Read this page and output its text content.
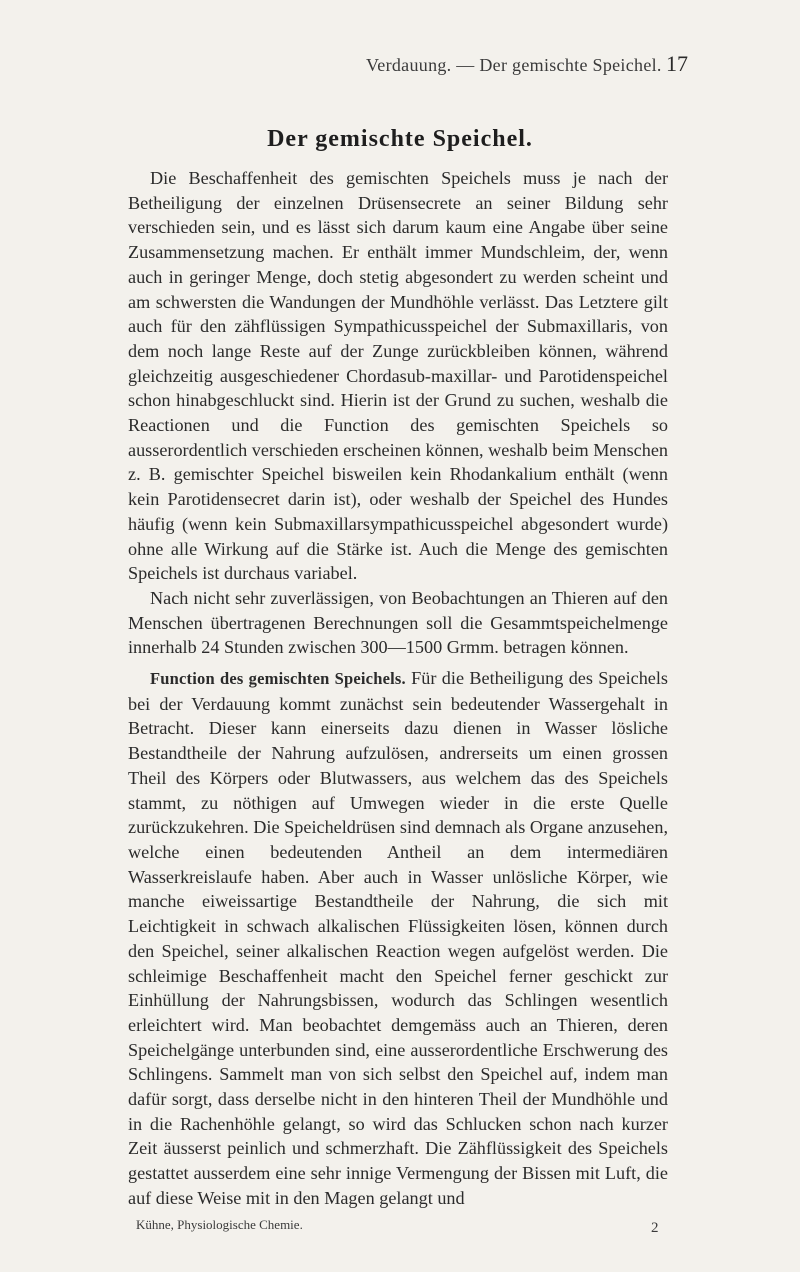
Verdauung. — Der gemischte Speichel. 17
Der gemischte Speichel.

Die Beschaffenheit des gemischten Speichels muss je nach der Betheiligung der einzelnen Drüsensecrete an seiner Bildung sehr verschieden sein, und es lässt sich darum kaum eine Angabe über seine Zusammensetzung machen. Er enthält immer Mundschleim, der, wenn auch in geringer Menge, doch stetig abgesondert zu werden scheint und am schwersten die Wandungen der Mundhöhle verlässt. Das Letztere gilt auch für den zähflüssigen Sympathicusspeichel der Submaxillaris, von dem noch lange Reste auf der Zunge zurückbleiben können, während gleichzeitig ausgeschiedener Chordasub-maxillar- und Parotidenspeichel schon hinabgeschluckt sind. Hierin ist der Grund zu suchen, weshalb die Reactionen und die Function des gemischten Speichels so ausserordentlich verschieden erscheinen können, weshalb beim Menschen z. B. gemischter Speichel bisweilen kein Rhodankalium enthält (wenn kein Parotidensecret darin ist), oder weshalb der Speichel des Hundes häufig (wenn kein Submaxillarsympathicusspeichel abgesondert wurde) ohne alle Wirkung auf die Stärke ist. Auch die Menge des gemischten Speichels ist durchaus variabel.

Nach nicht sehr zuverlässigen, von Beobachtungen an Thieren auf den Menschen übertragenen Berechnungen soll die Gesammtspeichelmenge innerhalb 24 Stunden zwischen 300—1500 Grmm. betragen können.

Function des gemischten Speichels. Für die Betheiligung des Speichels bei der Verdauung kommt zunächst sein bedeutender Wassergehalt in Betracht. Dieser kann einerseits dazu dienen in Wasser lösliche Bestandtheile der Nahrung aufzulösen, andrerseits um einen grossen Theil des Körpers oder Blutwassers, aus welchem das des Speichels stammt, zu nöthigen auf Umwegen wieder in die erste Quelle zurückzukehren. Die Speicheldrüsen sind demnach als Organe anzusehen, welche einen bedeutenden Antheil an dem intermediären Wasserkreislaufe haben. Aber auch in Wasser unlösliche Körper, wie manche eiweissartige Bestandtheile der Nahrung, die sich mit Leichtigkeit in schwach alkalischen Flüssigkeiten lösen, können durch den Speichel, seiner alkalischen Reaction wegen aufgelöst werden. Die schleimige Beschaffenheit macht den Speichel ferner geschickt zur Einhüllung der Nahrungsbissen, wodurch das Schlingen wesentlich erleichtert wird. Man beobachtet demgemäss auch an Thieren, deren Speichelgänge unterbunden sind, eine ausserordentliche Erschwerung des Schlingens. Sammelt man von sich selbst den Speichel auf, indem man dafür sorgt, dass derselbe nicht in den hinteren Theil der Mundhöhle und in die Rachenhöhle gelangt, so wird das Schlucken schon nach kurzer Zeit äusserst peinlich und schmerzhaft. Die Zähflüssigkeit des Speichels gestattet ausserdem eine sehr innige Vermengung der Bissen mit Luft, die auf diese Weise mit in den Magen gelangt und

Kühne, Physiologische Chemie.	2
